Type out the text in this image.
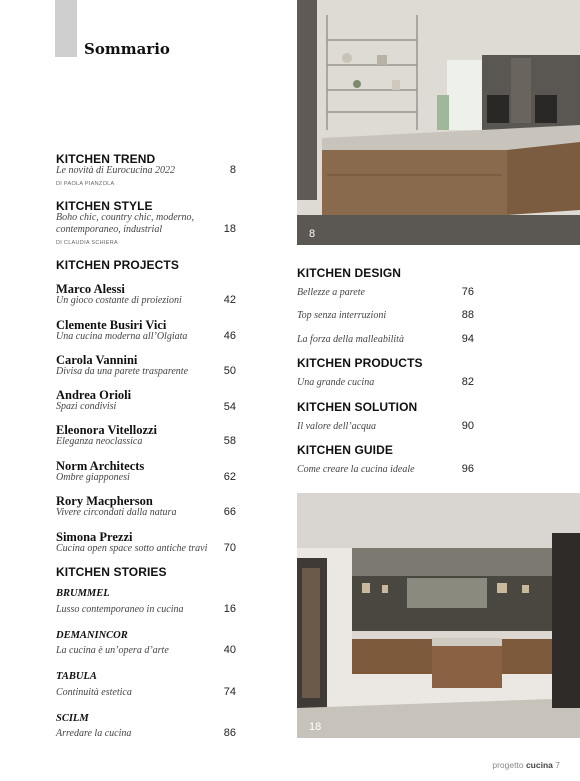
Sommario
KITCHEN TREND
Le novità di Eurocucina 2022
DI PAOLA PIANZOLA
8
KITCHEN STYLE
Boho chic, country chic, moderno,
contemporaneo, industrial
DI CLAUDIA SCHIERA
18
KITCHEN PROJECTS
Marco Alessi
Un gioco costante di proiezioni	42
Clemente Busiri Vici
Una cucina moderna all’Olgiata	46
Carola Vannini
Divisa da una parete trasparente	50
Andrea Orioli
Spazi condivisi	54
Eleonora Vitellozzi
Eleganza neoclassica	58
Norm Architects
Ombre giapponesi	62
Rory Macpherson
Vivere circondati dalla natura	66
Simona Prezzi
Cucina open space sotto antiche travi	70
KITCHEN STORIES
BRUMMEL
Lusso contemporaneo in cucina	16
DEMANINCOR
La cucina è un’opera d’arte	40
TABULA
Continuità estetica	74
SCILM
Arredare la cucina	86
KITCHEN DESIGN
Bellezze a parete	76
Top senza interruzioni	88
La forza della malleabilità	94
KITCHEN PRODUCTS
Una grande cucina	82
KITCHEN SOLUTION
Il valore dell’acqua	90
KITCHEN GUIDE
Come creare la cucina ideale	96
8
18
progetto cucina 7
